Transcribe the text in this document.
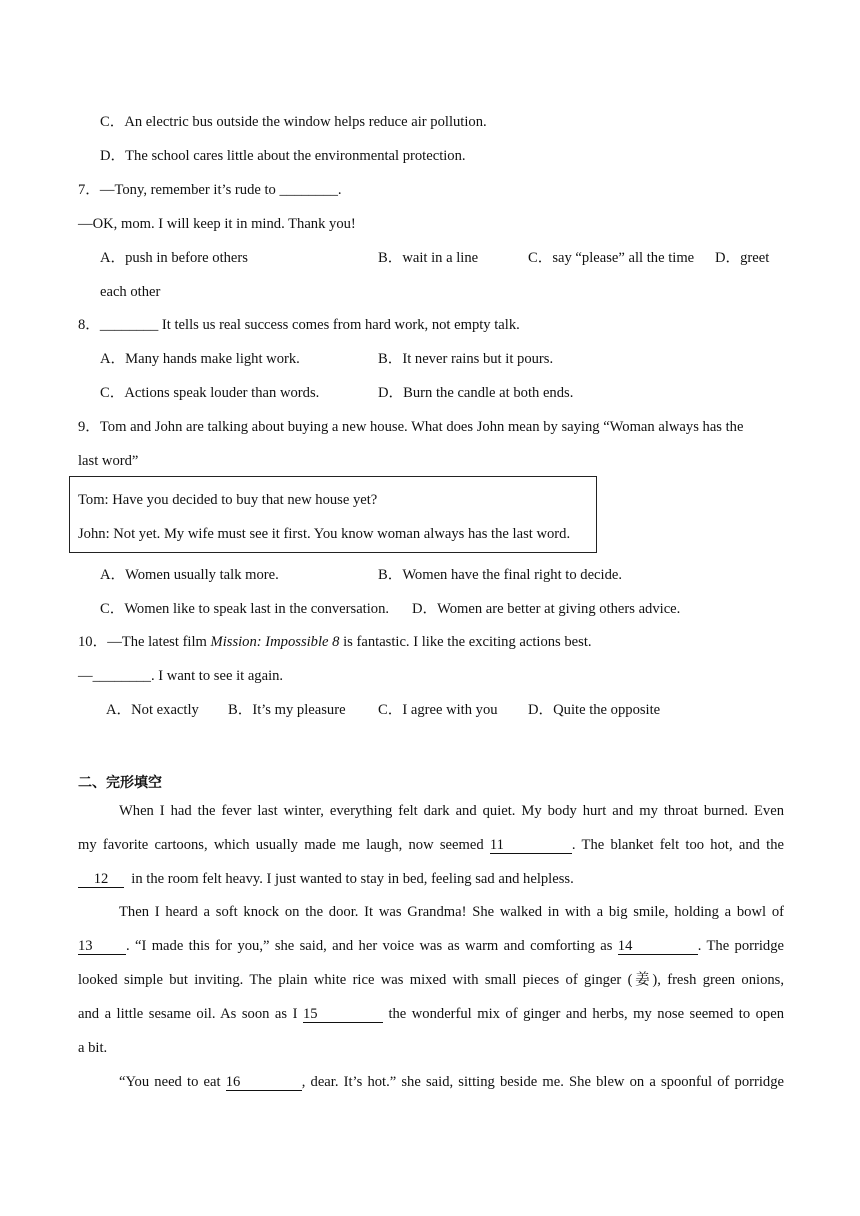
C．An electric bus outside the window helps reduce air pollution.
D．The school cares little about the environmental protection.
7．—Tony, remember it’s rude to ________.
—OK, mom. I will keep it in mind. Thank you!
A．push in before others	B．wait in a line	C．say “please” all the time D．greet
each other
8．________ It tells us real success comes from hard work, not empty talk.
A．Many hands make light work.	B．It never rains but it pours.
C．Actions speak louder than words.	D．Burn the candle at both ends.
9．Tom and John are talking about buying a new house. What does John mean by saying “Woman always has the
last word”
Tom: Have you decided to buy that new house yet?
John: Not yet. My wife must see it first. You know woman always has the last word.
A．Women usually talk more.	B．Women have the final right to decide.
C．Women like to speak last in the conversation. D．Women are better at giving others advice.
10．—The latest film Mission: Impossible 8 is fantastic. I like the exciting actions best.
—________. I want to see it again.
A．Not exactly B．It’s my pleasure C．I agree with you D．Quite the opposite
二、完形填空
When I had the fever last winter, everything felt dark and quiet. My body hurt and my throat burned. Even
my favorite cartoons, which usually made me laugh, now seemed 11	. The blanket felt too hot, and the
12 in the room felt heavy. I just wanted to stay in bed, feeling sad and helpless.
Then I heard a soft knock on the door. It was Grandma! She walked in with a big smile, holding a bowl of
13 . “I made this for you,” she said, and her voice was as warm and comforting as 14	. The porridge
looked simple but inviting. The plain white rice was mixed with small pieces of ginger (姜), fresh green onions,
and a little sesame oil. As soon as I 15	the wonderful mix of ginger and herbs, my nose seemed to open
a bit.
“You need to eat 16	, dear. It’s hot.” she said, sitting beside me. She blew on a spoonful of porridge
